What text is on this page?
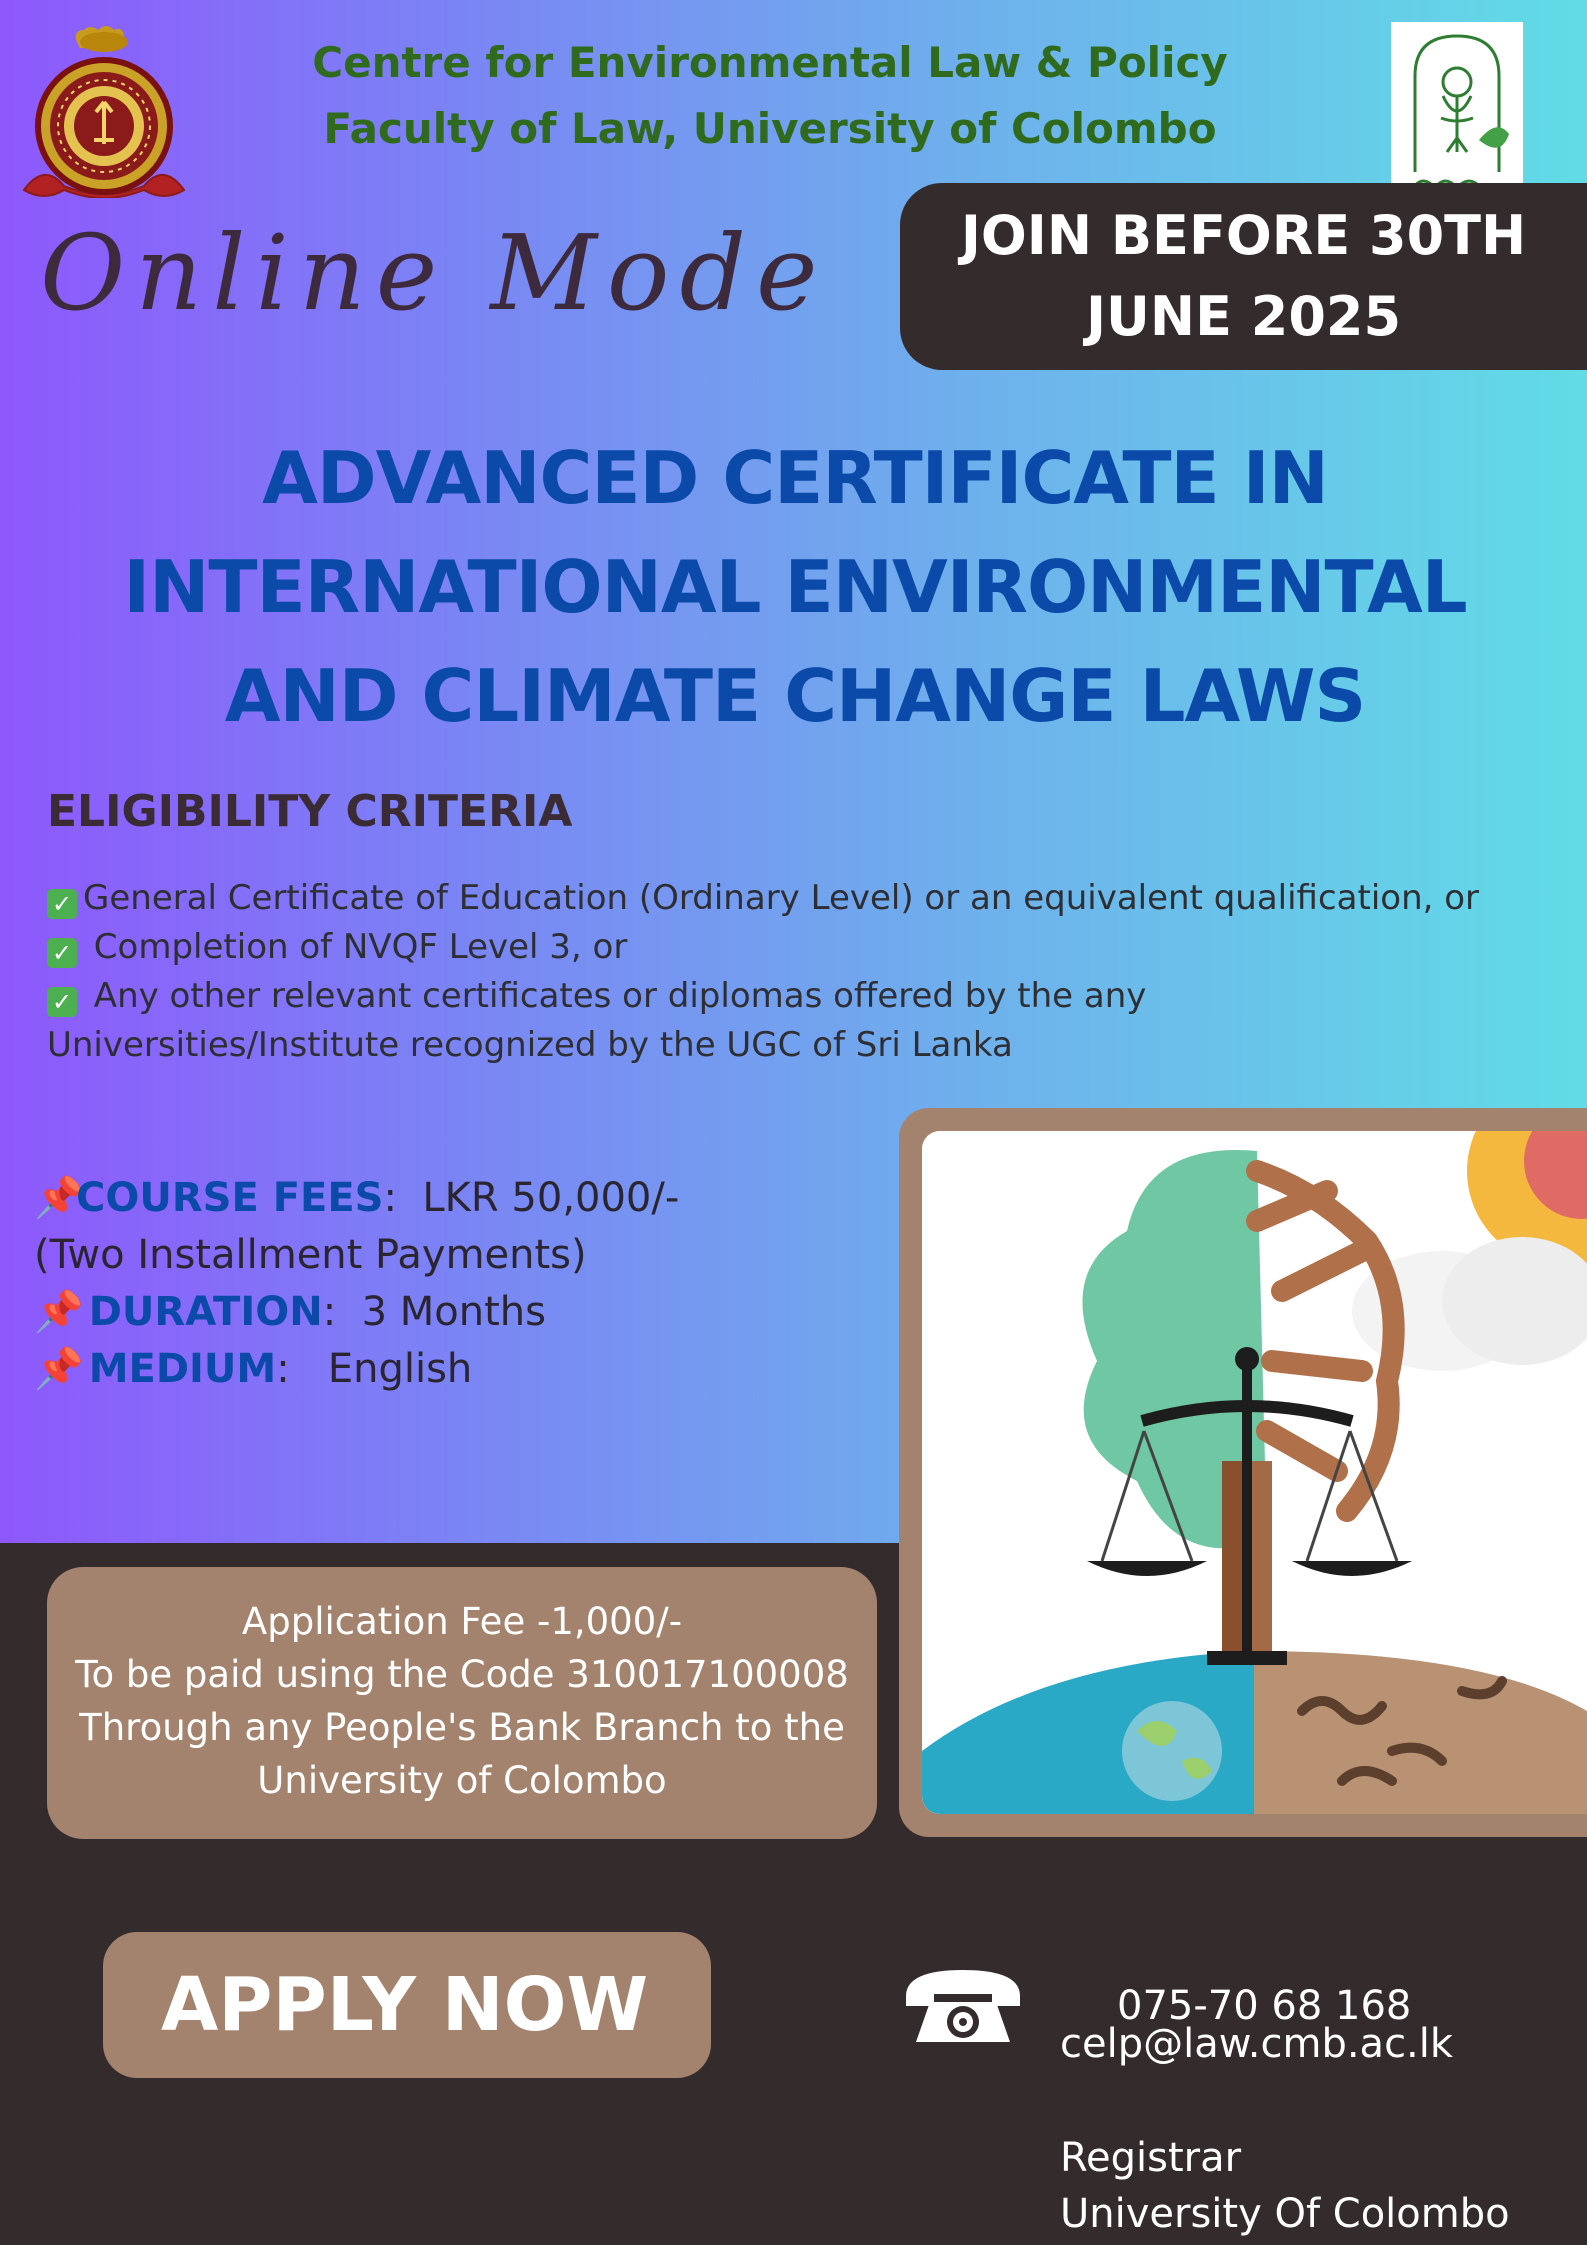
Centre for Environmental Law & Policy
Faculty of Law, University of Colombo
Online Mode	JOIN BEFORE 30TH
JUNE 2025
ADVANCED CERTIFICATE IN
INTERNATIONAL ENVIRONMENTAL
AND CLIMATE CHANGE LAWS
ELIGIBILITY CRITERIA
✓ General Certificate of Education (Ordinary Level) or an equivalent qualification, or
✓ Completion of NVQF Level 3, or
✓ Any other relevant certificates or diplomas offered by the any
Universities/Institute recognized by the UGC of Sri Lanka
📌COURSE FEES:  LKR 50,000/-
(Two Installment Payments)
📌 DURATION:  3 Months
📌 MEDIUM:   English
Application Fee -1,000/-
To be paid using the Code 310017100008
Through any People's Bank Branch to the
University of Colombo
APPLY NOW	075-70 68 168
celp@law.cmb.ac.lk
Registrar
University Of Colombo
